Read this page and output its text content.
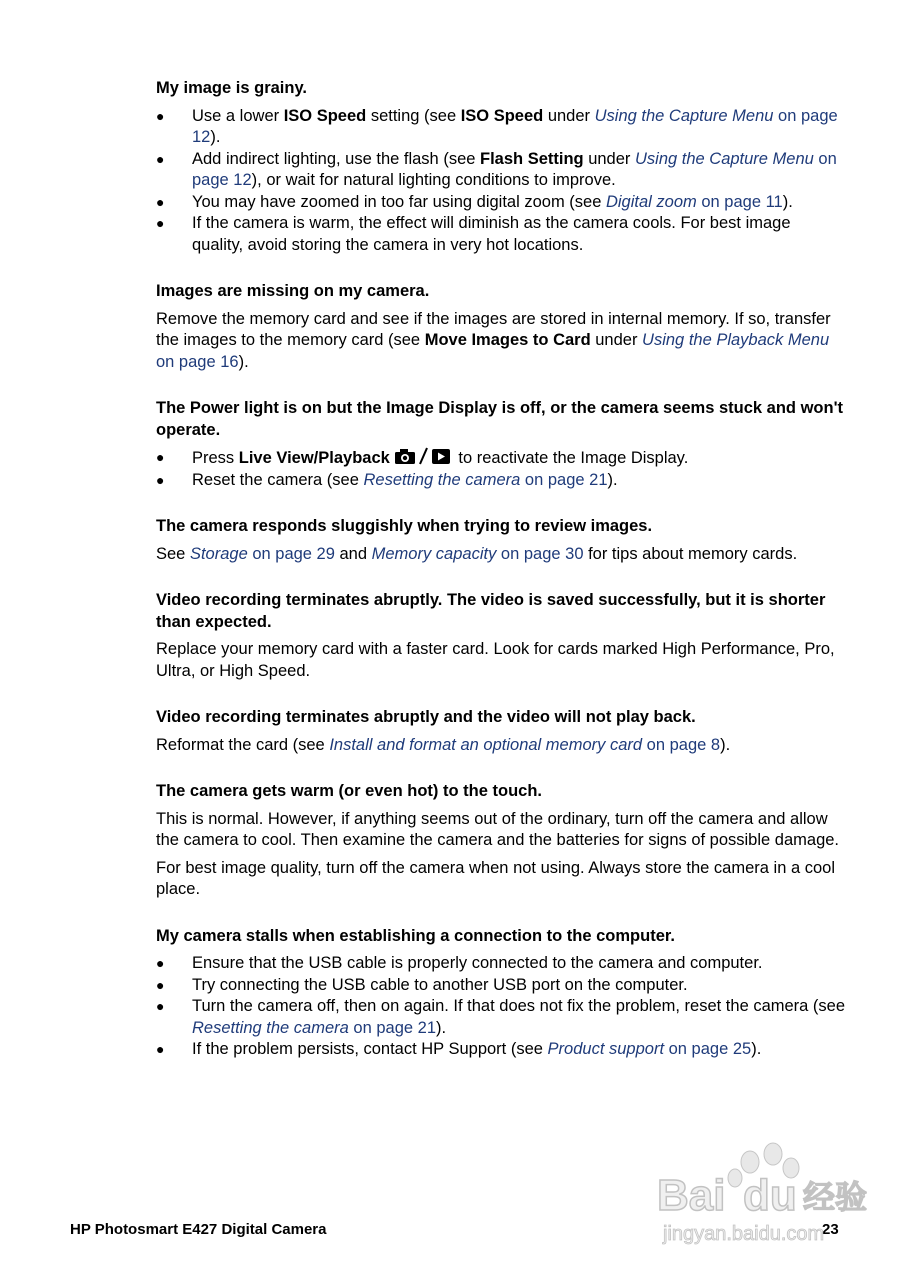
My image is grainy.
● Use a lower ISO Speed setting (see ISO Speed under Using the Capture Menu on page 12).
● Add indirect lighting, use the flash (see Flash Setting under Using the Capture Menu on page 12), or wait for natural lighting conditions to improve.
● You may have zoomed in too far using digital zoom (see Digital zoom on page 11).
● If the camera is warm, the effect will diminish as the camera cools. For best image quality, avoid storing the camera in very hot locations.
Images are missing on my camera.

Remove the memory card and see if the images are stored in internal memory. If so, transfer the images to the memory card (see Move Images to Card under Using the Playback Menu on page 16).

The Power light is on but the Image Display is off, or the camera seems stuck and won't operate.
● Press Live View/Playback	to reactivate the Image Display.
● Reset the camera (see Resetting the camera on page 21).
The camera responds sluggishly when trying to review images.

See Storage on page 29 and Memory capacity on page 30 for tips about memory cards.

Video recording terminates abruptly. The video is saved successfully, but it is shorter than expected.

Replace your memory card with a faster card. Look for cards marked High Performance, Pro, Ultra, or High Speed.

Video recording terminates abruptly and the video will not play back.

Reformat the card (see Install and format an optional memory card on page 8).

The camera gets warm (or even hot) to the touch.

This is normal. However, if anything seems out of the ordinary, turn off the camera and allow the camera to cool. Then examine the camera and the batteries for signs of possible damage.

For best image quality, turn off the camera when not using. Always store the camera in a cool place.

My camera stalls when establishing a connection to the computer.
● Ensure that the USB cable is properly connected to the camera and computer.
● Try connecting the USB cable to another USB port on the computer.
● Turn the camera off, then on again. If that does not fix the problem, reset the camera (see Resetting the camera on page 21).
● If the problem persists, contact HP Support (see Product support on page 25).
HP Photosmart E427 Digital Camera	23
Bai du 经验
jingyan.baidu.com
